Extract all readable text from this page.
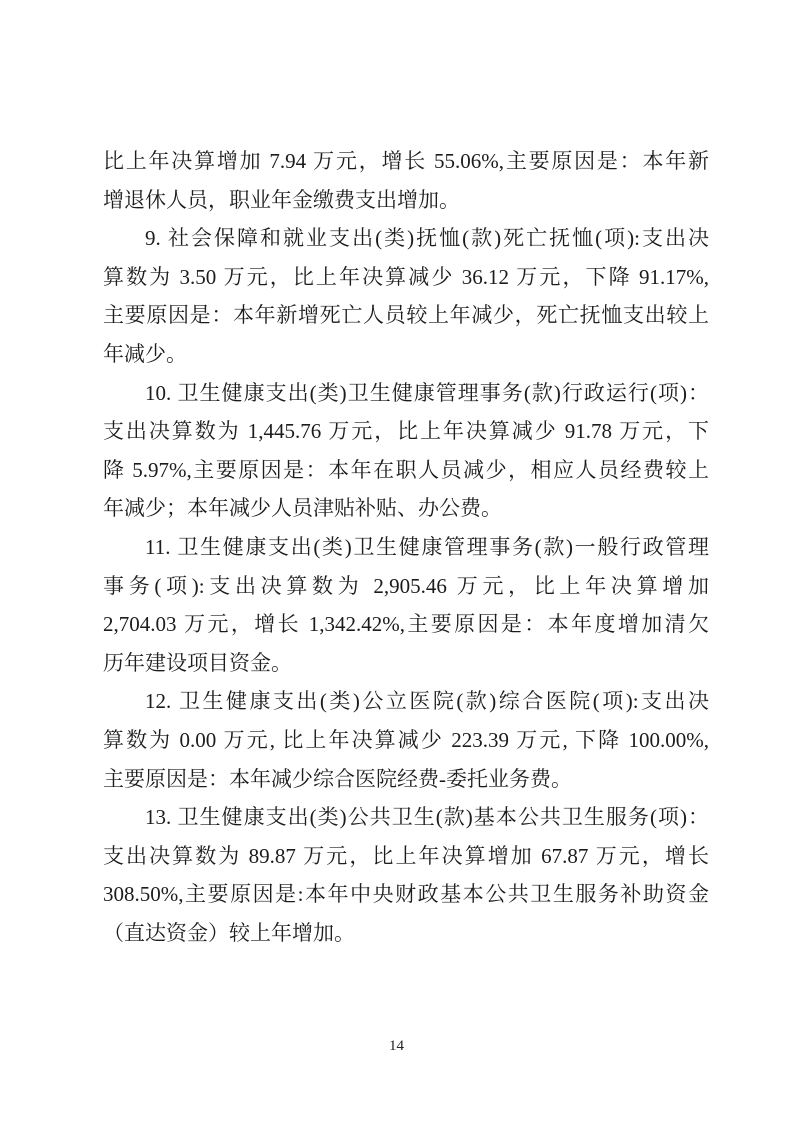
比上年决算增加 7.94 万元，增长 55.06%,主要原因是：本年新
增退休人员，职业年金缴费支出增加。
9. 社会保障和就业支出(类)抚恤(款)死亡抚恤(项):支出决
算数为 3.50 万元，比上年决算减少 36.12 万元，下降 91.17%,
主要原因是：本年新增死亡人员较上年减少，死亡抚恤支出较上
年减少。
10. 卫生健康支出(类)卫生健康管理事务(款)行政运行(项)：
支出决算数为 1,445.76 万元，比上年决算减少 91.78 万元，下
降 5.97%,主要原因是：本年在职人员减少，相应人员经费较上
年减少；本年减少人员津贴补贴、办公费。
11. 卫生健康支出(类)卫生健康管理事务(款)一般行政管理
事务(项):支出决算数为 2,905.46 万元，比上年决算增加
2,704.03 万元，增长 1,342.42%,主要原因是：本年度增加清欠
历年建设项目资金。
12. 卫生健康支出(类)公立医院(款)综合医院(项):支出决
算数为 0.00 万元, 比上年决算减少 223.39 万元, 下降 100.00%,
主要原因是：本年减少综合医院经费-委托业务费。
13. 卫生健康支出(类)公共卫生(款)基本公共卫生服务(项)：
支出决算数为 89.87 万元，比上年决算增加 67.87 万元，增长
308.50%,主要原因是:本年中央财政基本公共卫生服务补助资金
（直达资金）较上年增加。
14
